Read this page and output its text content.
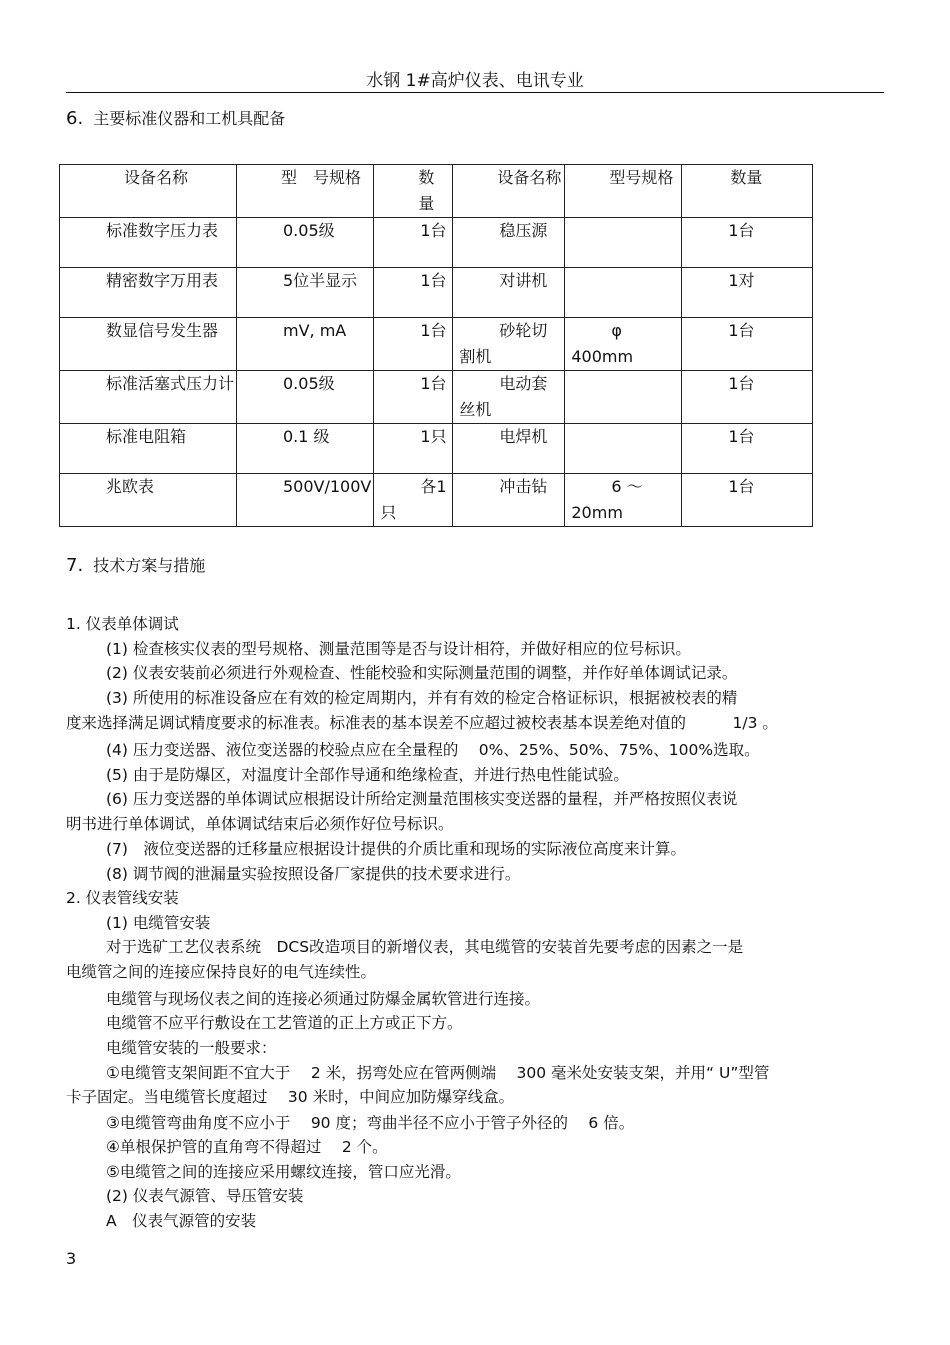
水钢 1#高炉仪表、电讯专业
6. 主要标准仪器和工机具配备
设备名称	型　号规格	数　量	设备名称	型号规格	数量
标准数字压力表	0.05级	1台	稳压源		1台
精密数字万用表	5位半显示	1台	对讲机		1对
数显信号发生器	mV, mA	1台	砂轮切割机	φ　400mm	1台
标准活塞式压力计	0.05级	1台	电动套丝机		1台
标准电阻箱	0.1 级	1只	电焊机		1台
兆欧表	500V/100V	各1只	冲击钻	6 ～ 20mm	1台
7. 技术方案与措施
1. 仪表单体调试
(1) 检查核实仪表的型号规格、测量范围等是否与设计相符，并做好相应的位号标识。
(2) 仪表安装前必须进行外观检查、性能校验和实际测量范围的调整，并作好单体调试记录。
(3) 所使用的标准设备应在有效的检定周期内，并有有效的检定合格证标识，根据被校表的精
度来选择满足调试精度要求的标准表。标准表的基本误差不应超过被校表基本误差绝对值的　　　1/3 。
(4) 压力变送器、液位变送器的校验点应在全量程的　 0%、25%、50%、75%、100%选取。
(5) 由于是防爆区，对温度计全部作导通和绝缘检查，并进行热电性能试验。
(6) 压力变送器的单体调试应根据设计所给定测量范围核实变送器的量程，并严格按照仪表说
明书进行单体调试，单体调试结束后必须作好位号标识。
(7)　液位变送器的迁移量应根据设计提供的介质比重和现场的实际液位高度来计算。
(8) 调节阀的泄漏量实验按照设备厂家提供的技术要求进行。
2. 仪表管线安装
(1) 电缆管安装
对于选矿工艺仪表系统　DCS改造项目的新增仪表，其电缆管的安装首先要考虑的因素之一是
电缆管之间的连接应保持良好的电气连续性。
电缆管与现场仪表之间的连接必须通过防爆金属软管进行连接。
电缆管不应平行敷设在工艺管道的正上方或正下方。
电缆管安装的一般要求：
①电缆管支架间距不宜大于　 2 米，拐弯处应在管两侧端　 300 毫米处安装支架，并用“ U”型管
卡子固定。当电缆管长度超过　 30 米时，中间应加防爆穿线盒。
③电缆管弯曲角度不应小于　 90 度；弯曲半径不应小于管子外径的　 6 倍。
④单根保护管的直角弯不得超过　 2 个。
⑤电缆管之间的连接应采用螺纹连接，管口应光滑。
(2) 仪表气源管、导压管安装
A　仪表气源管的安装
3
